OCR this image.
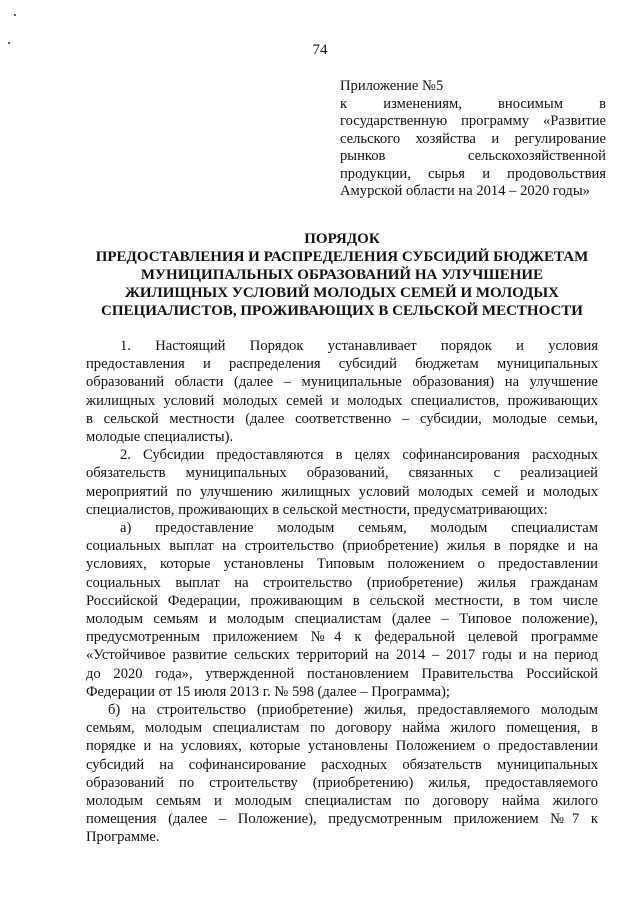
74
Приложение №5
к изменениям, вносимым в
государственную программу «Развитие
сельского хозяйства и регулирование
рынков сельскохозяйственной
продукции, сырья и продовольствия
Амурской области на 2014 – 2020 годы»
ПОРЯДОК
ПРЕДОСТАВЛЕНИЯ И РАСПРЕДЕЛЕНИЯ СУБСИДИЙ БЮДЖЕТАМ
МУНИЦИПАЛЬНЫХ ОБРАЗОВАНИЙ НА УЛУЧШЕНИЕ
ЖИЛИЩНЫХ УСЛОВИЙ МОЛОДЫХ СЕМЕЙ И МОЛОДЫХ
СПЕЦИАЛИСТОВ, ПРОЖИВАЮЩИХ В СЕЛЬСКОЙ МЕСТНОСТИ
1. Настоящий Порядок устанавливает порядок и условия
предоставления и распределения субсидий бюджетам муниципальных
образований области (далее – муниципальные образования) на улучшение
жилищных условий молодых семей и молодых специалистов, проживающих
в сельской местности (далее соответственно – субсидии, молодые семьи,
молодые специалисты).
2. Субсидии предоставляются в целях софинансирования расходных
обязательств муниципальных образований, связанных с реализацией
мероприятий по улучшению жилищных условий молодых семей и молодых
специалистов, проживающих в сельской местности, предусматривающих:
а) предоставление молодым семьям, молодым специалистам
социальных выплат на строительство (приобретение) жилья в порядке и на
условиях, которые установлены Типовым положением о предоставлении
социальных выплат на строительство (приобретение) жилья гражданам
Российской Федерации, проживающим в сельской местности, в том числе
молодым семьям и молодым специалистам (далее – Типовое положение),
предусмотренным приложением №4 к федеральной целевой программе
«Устойчивое развитие сельских территорий на 2014 – 2017 годы и на период
до 2020 года», утвержденной постановлением Правительства Российской
Федерации от 15 июля 2013 г. № 598 (далее – Программа);
б) на строительство (приобретение) жилья, предоставляемого молодым
семьям, молодым специалистам по договору найма жилого помещения, в
порядке и на условиях, которые установлены Положением о предоставлении
субсидий на софинансирование расходных обязательств муниципальных
образований по строительству (приобретению) жилья, предоставляемого
молодым семьям и молодым специалистам по договору найма жилого
помещения (далее – Положение), предусмотренным приложением №7 к
Программе.
